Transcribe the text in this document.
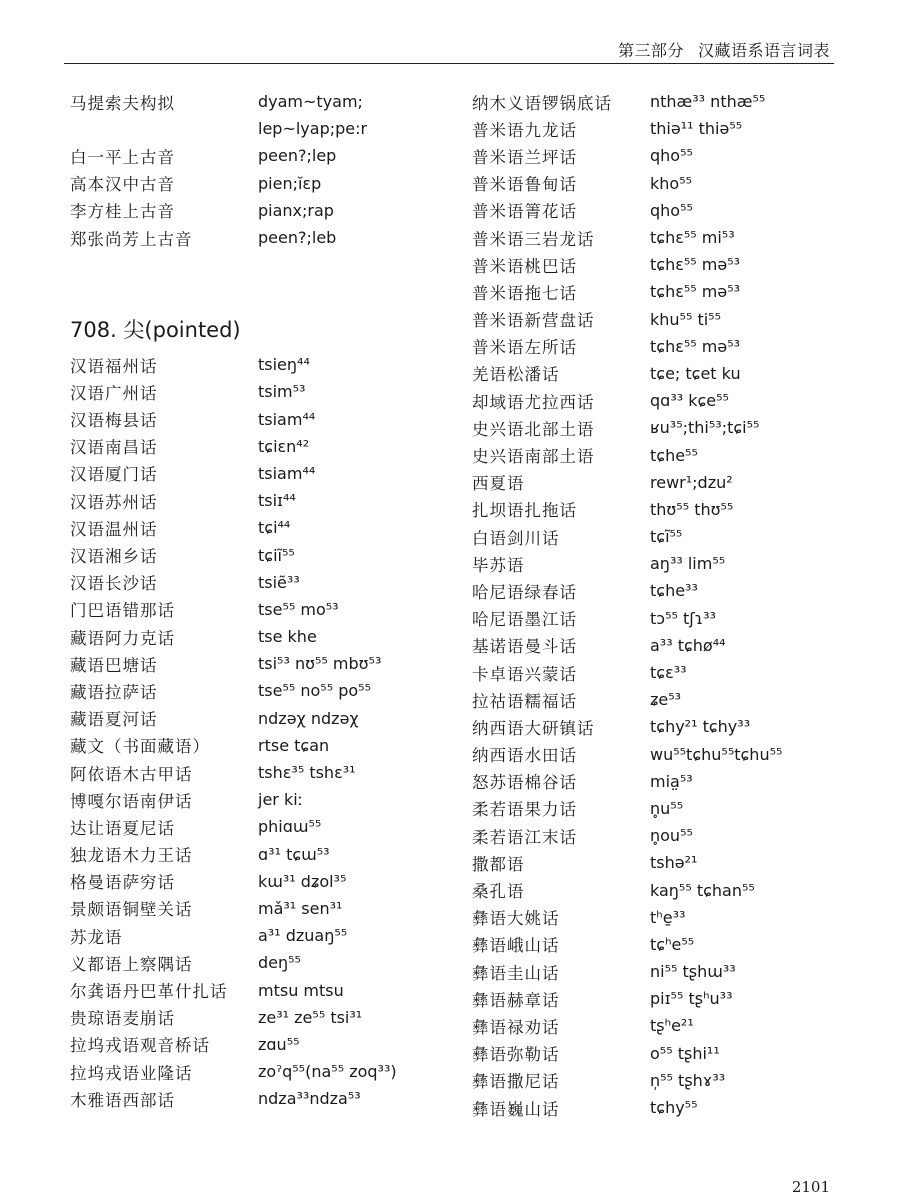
第三部分 汉藏语系语言词表
马提索夫构拟	dyam~tyam;
lep~lyap;pe:r
白一平上古音	peen?;lep
高本汉中古音	pien;ĭɛp
李方桂上古音	pianx;rap
郑张尚芳上古音	peen?;leb
708. 尖(pointed)
汉语福州话	tsieŋ⁴⁴
汉语广州话	tsim⁵³
汉语梅县话	tsiam⁴⁴
汉语南昌话	tɕiɛn⁴²
汉语厦门话	tsiam⁴⁴
汉语苏州话	tsiɪ⁴⁴
汉语温州话	tɕi⁴⁴
汉语湘乡话	tɕiĩ⁵⁵
汉语长沙话	tsiẽ³³
门巴语错那话	tse⁵⁵ mo⁵³
藏语阿力克话	tse khe
藏语巴塘话	tsi⁵³ nʊ⁵⁵ mbʊ⁵³
藏语拉萨话	tse⁵⁵ no⁵⁵ po⁵⁵
藏语夏河话	ndzəχ ndzəχ
藏文（书面藏语）	rtse tɕan
阿依语木古甲话	tshɛ³⁵ tshɛ³¹
博嘎尔语南伊话	jer kiː
达让语夏尼话	phiɑɯ⁵⁵
独龙语木力王话	ɑ³¹ tɕɯ⁵³
格曼语萨穷话	kɯ³¹ dʑol³⁵
景颇语铜壁关话	mǎ³¹ sen³¹
苏龙语	a³¹ dzuaŋ⁵⁵
义都语上察隅话	deŋ⁵⁵
尔龚语丹巴革什扎话	mtsu mtsu
贵琼语麦崩话	ze³¹ ze⁵⁵ tsi³¹
拉坞戎语观音桥话	zɑu⁵⁵
拉坞戎语业隆话	zoˀq⁵⁵(na⁵⁵ zoq³³)
木雅语西部话	ndza³³ndza⁵³
纳木义语锣锅底话	nthæ³³ nthæ⁵⁵
普米语九龙话	thiə¹¹ thiə⁵⁵
普米语兰坪话	qho⁵⁵
普米语鲁甸话	kho⁵⁵
普米语箐花话	qho⁵⁵
普米语三岩龙话	tɕhɛ⁵⁵ mi⁵³
普米语桃巴话	tɕhɛ⁵⁵ mə⁵³
普米语拖七话	tɕhɛ⁵⁵ mə⁵³
普米语新营盘话	khu⁵⁵ ti⁵⁵
普米语左所话	tɕhɛ⁵⁵ mə⁵³
羌语松潘话	tɕe; tɕet ku
却域语尤拉西话	qɑ³³ kɕe⁵⁵
史兴语北部土语	ʁu³⁵;thi⁵³;tɕi⁵⁵
史兴语南部土语	tɕhe⁵⁵
西夏语	rewr¹;dzu²
扎坝语扎拖话	thʊ⁵⁵ thʊ⁵⁵
白语剑川话	tɕĩ⁵⁵
毕苏语	aŋ³³ lim⁵⁵
哈尼语绿春话	tɕhe³³
哈尼语墨江话	tɔ⁵⁵ tʃɿ³³
基诺语曼斗话	a³³ tɕhø⁴⁴
卡卓语兴蒙话	tɕɛ³³
拉祜语糯福话	ʑe⁵³
纳西语大研镇话	tɕhy²¹ tɕhy³³
纳西语水田话	wu⁵⁵tɕhu⁵⁵tɕhu⁵⁵
怒苏语棉谷话	mia̤⁵³
柔若语果力话	n̥u⁵⁵
柔若语江末话	n̥ou⁵⁵
撒都语	tshə²¹
桑孔语	kaŋ⁵⁵ tɕhan⁵⁵
彝语大姚话	tʰe̱³³
彝语峨山话	tɕʰe⁵⁵
彝语圭山话	ni⁵⁵ tʂhɯ³³
彝语赫章话	piɪ⁵⁵ tʂʰu³³
彝语禄劝话	tʂʰe²¹
彝语弥勒话	o⁵⁵ tʂhi¹¹
彝语撒尼话	n̩⁵⁵ tʂhɤ³³
彝语巍山话	tɕhy⁵⁵
2101
